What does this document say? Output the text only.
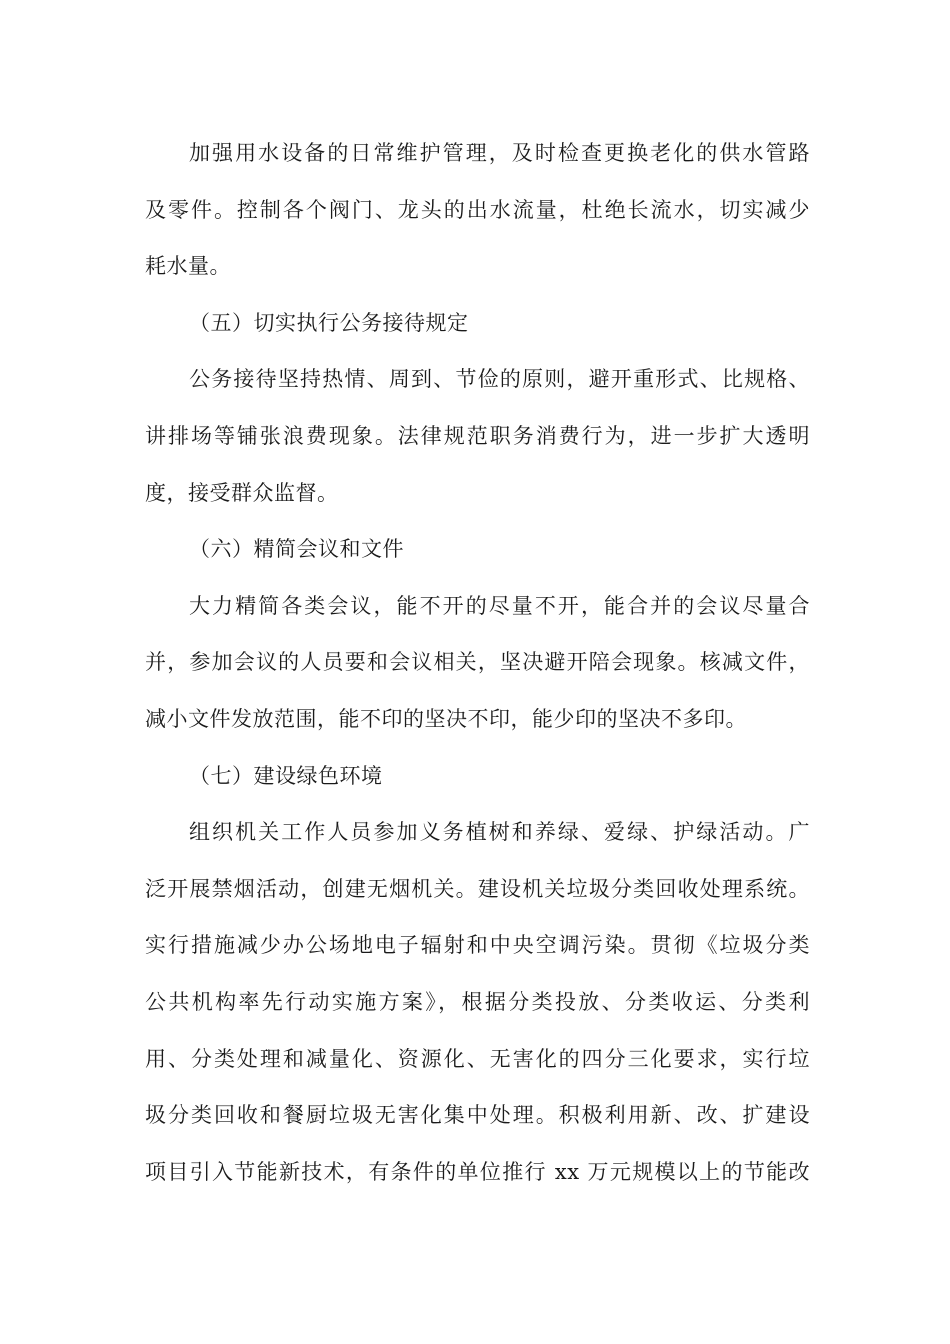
加强用水设备的日常维护管理，及时检查更换老化的供水管路
及零件。控制各个阀门、龙头的出水流量，杜绝长流水，切实减少
耗水量。
（五）切实执行公务接待规定
公务接待坚持热情、周到、节俭的原则，避开重形式、比规格、
讲排场等铺张浪费现象。法律规范职务消费行为，进一步扩大透明
度，接受群众监督。
（六）精简会议和文件
大力精简各类会议，能不开的尽量不开，能合并的会议尽量合
并，参加会议的人员要和会议相关，坚决避开陪会现象。核减文件，
减小文件发放范围，能不印的坚决不印，能少印的坚决不多印。
（七）建设绿色环境
组织机关工作人员参加义务植树和养绿、爱绿、护绿活动。广
泛开展禁烟活动，创建无烟机关。建设机关垃圾分类回收处理系统。
实行措施减少办公场地电子辐射和中央空调污染。贯彻《垃圾分类
公共机构率先行动实施方案》，根据分类投放、分类收运、分类利
用、分类处理和减量化、资源化、无害化的四分三化要求，实行垃
圾分类回收和餐厨垃圾无害化集中处理。积极利用新、改、扩建设
项目引入节能新技术，有条件的单位推行 xx 万元规模以上的节能改
